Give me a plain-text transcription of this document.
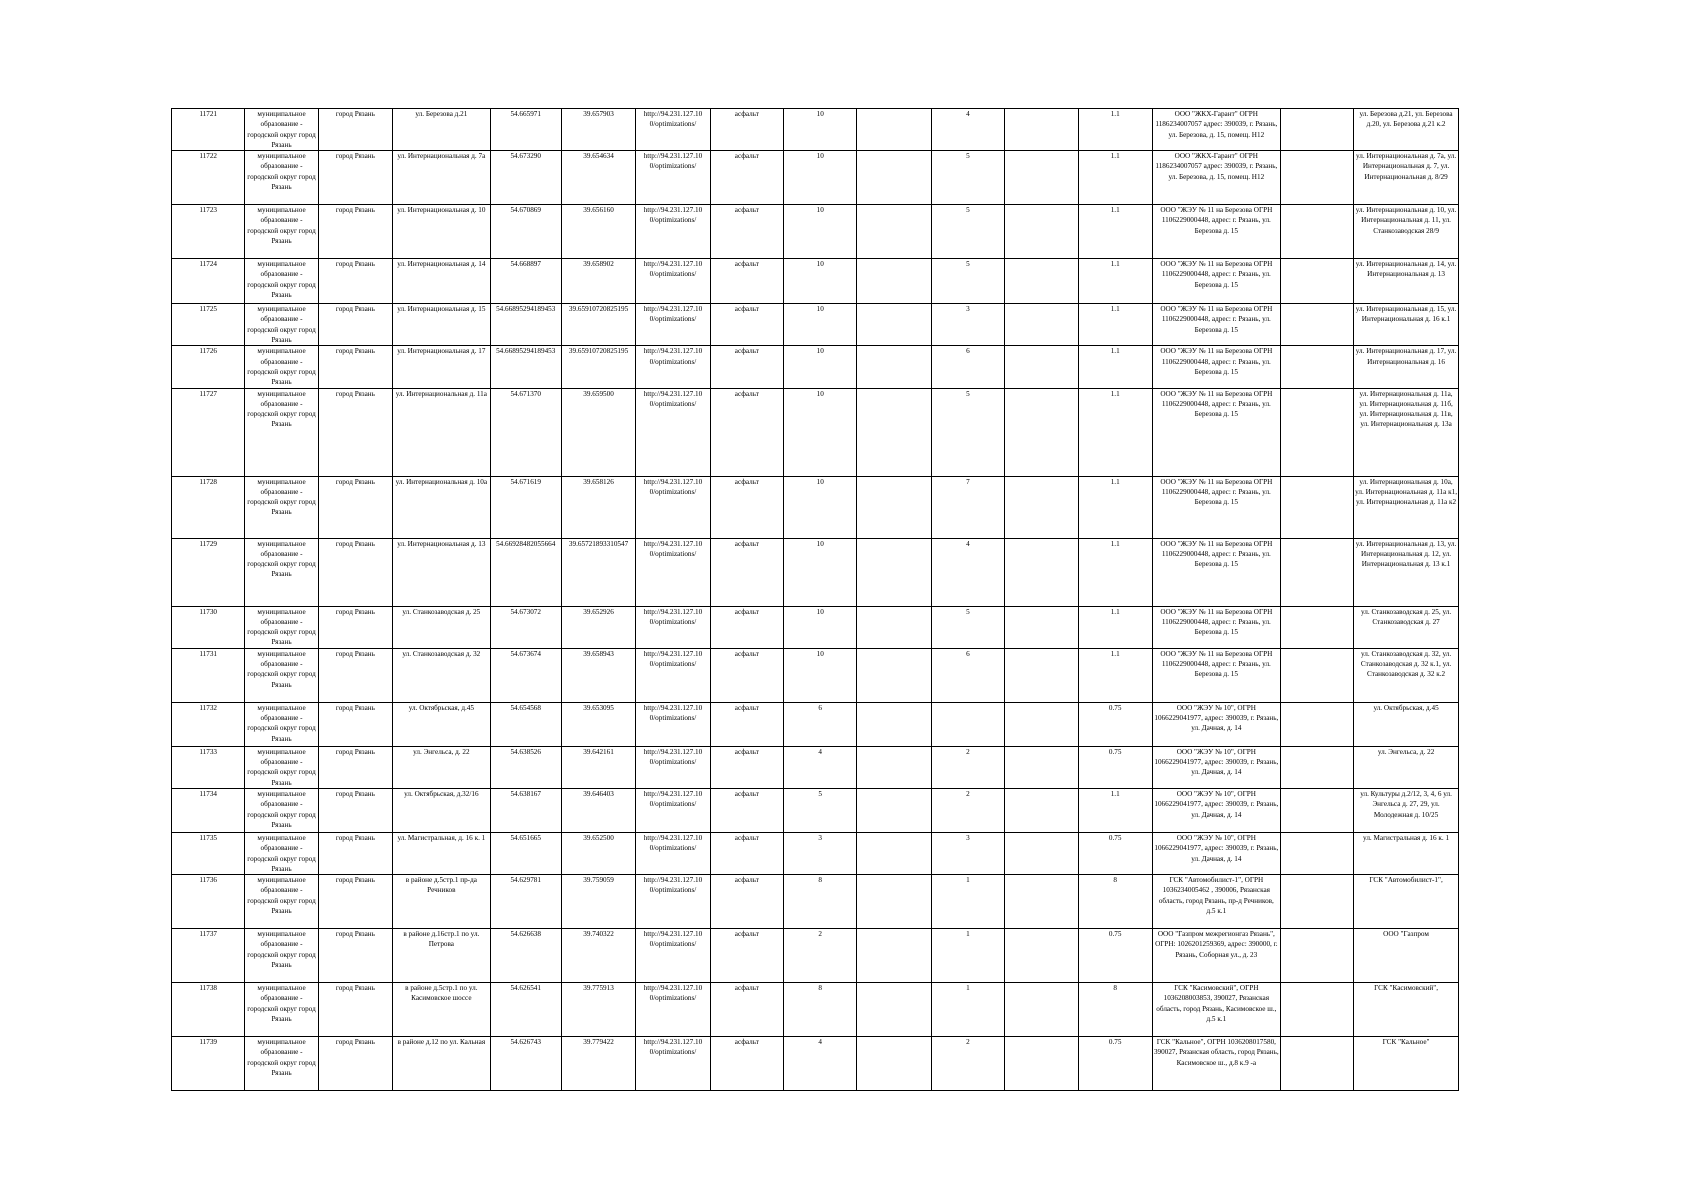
11721	муниципальное образование - городской округ город Рязань	город Рязань	ул. Березова д.21	54.665971	39.657903	http://94.231.127.10 0/optimizations/	асфальт	10		4		1.1	ООО "ЖКХ-Гарант" ОГРН 1186234007057 адрес: 390039, г. Рязань, ул. Березова, д. 15, помещ. Н12		ул. Березова д.21, ул. Березова д.20, ул. Березова д.21 к.2
11722	муниципальное образование - городской округ город Рязань	город Рязань	ул. Интернациональная д. 7а	54.673290	39.654634	http://94.231.127.10 0/optimizations/	асфальт	10		5		1.1	ООО "ЖКХ-Гарант" ОГРН 1186234007057 адрес: 390039, г. Рязань, ул. Березова, д. 15, помещ. Н12		ул. Интернациональная д. 7а, ул. Интернациональная д. 7, ул. Интернациональная д. 8/29
11723	муниципальное образование - городской округ город Рязань	город Рязань	ул. Интернациональная д. 10	54.670869	39.656160	http://94.231.127.10 0/optimizations/	асфальт	10		5		1.1	ООО "ЖЭУ № 11 на Березова ОГРН 1106229000448, адрес: г. Рязань, ул. Березова д. 15		ул. Интернациональная д. 10, ул. Интернациональная д. 11, ул. Станкозаводская 28/9
11724	муниципальное образование - городской округ город Рязань	город Рязань	ул. Интернациональная д. 14	54.668897	39.658902	http://94.231.127.10 0/optimizations/	асфальт	10		5		1.1	ООО "ЖЭУ № 11 на Березова ОГРН 1106229000448, адрес: г. Рязань, ул. Березова д. 15		ул. Интернациональная д. 14, ул. Интернациональная д. 13
11725	муниципальное образование - городской округ город Рязань	город Рязань	ул. Интернациональная д. 15	54.66895294189453	39.65910720825195	http://94.231.127.10 0/optimizations/	асфальт	10		3		1.1	ООО "ЖЭУ № 11 на Березова ОГРН 1106229000448, адрес: г. Рязань, ул. Березова д. 15		ул. Интернациональная д. 15, ул. Интернациональная д. 16 к.1
11726	муниципальное образование - городской округ город Рязань	город Рязань	ул. Интернациональная д. 17	54.66895294189453	39.65910720825195	http://94.231.127.10 0/optimizations/	асфальт	10		6		1.1	ООО "ЖЭУ № 11 на Березова ОГРН 1106229000448, адрес: г. Рязань, ул. Березова д. 15		ул. Интернациональная д. 17, ул. Интернациональная д. 16
11727	муниципальное образование - городской округ город Рязань	город Рязань	ул. Интернациональная д. 11а	54.671370	39.659500	http://94.231.127.10 0/optimizations/	асфальт	10		5		1.1	ООО "ЖЭУ № 11 на Березова ОГРН 1106229000448, адрес: г. Рязань, ул. Березова д. 15		ул. Интернациональная д. 11а, ул. Интернациональная д. 11б, ул. Интернациональная д. 11в, ул. Интернациональная д. 13а
11728	муниципальное образование - городской округ город Рязань	город Рязань	ул. Интернациональная д. 10а	54.671619	39.658126	http://94.231.127.10 0/optimizations/	асфальт	10		7		1.1	ООО "ЖЭУ № 11 на Березова ОГРН 1106229000448, адрес: г. Рязань, ул. Березова д. 15		ул. Интернациональная д. 10а, ул. Интернациональная д. 11а к1, ул. Интернациональная д. 11а к2
11729	муниципальное образование - городской округ город Рязань	город Рязань	ул. Интернациональная д. 13	54.66928482055664	39.65721893310547	http://94.231.127.10 0/optimizations/	асфальт	10		4		1.1	ООО "ЖЭУ № 11 на Березова ОГРН 1106229000448, адрес: г. Рязань, ул. Березова д. 15		ул. Интернациональная д. 13, ул. Интернациональная д. 12, ул. Интернациональная д. 13 к.1
11730	муниципальное образование - городской округ город Рязань	город Рязань	ул. Станкозаводская д. 25	54.673072	39.652926	http://94.231.127.10 0/optimizations/	асфальт	10		5		1.1	ООО "ЖЭУ № 11 на Березова ОГРН 1106229000448, адрес: г. Рязань, ул. Березова д. 15		ул. Станкозаводская д. 25, ул. Станкозаводская д. 27
11731	муниципальное образование - городской округ город Рязань	город Рязань	ул. Станкозаводская д. 32	54.673674	39.658943	http://94.231.127.10 0/optimizations/	асфальт	10		6		1.1	ООО "ЖЭУ № 11 на Березова ОГРН 1106229000448, адрес: г. Рязань, ул. Березова д. 15		ул. Станкозаводская д. 32, ул. Станкозаводская д. 32 к.1, ул. Станкозаводская д. 32 к.2
11732	муниципальное образование - городской округ город Рязань	город Рязань	ул. Октябрьская, д.45	54.654568	39.653095	http://94.231.127.10 0/optimizations/	асфальт	6				0.75	ООО "ЖЭУ № 10", ОГРН 1066229041977, адрес: 390039, г. Рязань, ул. Дачная, д. 14		ул. Октябрьская, д.45
11733	муниципальное образование - городской округ город Рязань	город Рязань	ул. Энгельса, д. 22	54.638526	39.642161	http://94.231.127.10 0/optimizations/	асфальт	4		2		0.75	ООО "ЖЭУ № 10", ОГРН 1066229041977, адрес: 390039, г. Рязань, ул. Дачная, д. 14		ул. Энгельса, д. 22
11734	муниципальное образование - городской округ город Рязань	город Рязань	ул. Октябрьская, д.32/16	54.638167	39.646403	http://94.231.127.10 0/optimizations/	асфальт	5		2		1.1	ООО "ЖЭУ № 10", ОГРН 1066229041977, адрес: 390039, г. Рязань, ул. Дачная, д. 14		ул. Культуры д.2/12, 3, 4, 6 ул. Энгельса д. 27, 29, ул. Молодежная д. 10/25
11735	муниципальное образование - городской округ город Рязань	город Рязань	ул. Магистральная, д. 16 к. 1	54.651665	39.652500	http://94.231.127.10 0/optimizations/	асфальт	3		3		0.75	ООО "ЖЭУ № 10", ОГРН 1066229041977, адрес: 390039, г. Рязань, ул. Дачная, д. 14		ул. Магистральная д. 16 к. 1
11736	муниципальное образование - городской округ город Рязань	город Рязань	в районе д.5стр.1 пр-да Речников	54.629781	39.759059	http://94.231.127.10 0/optimizations/	асфальт	8		1		8	ГСК "Автомобилист-1", ОГРН 1036234005462 , 390006, Рязанская область, город Рязань, пр-д Речников, д.5 к.1		ГСК "Автомобилист-1",
11737	муниципальное образование - городской округ город Рязань	город Рязань	в районе д.16стр.1 по ул. Петрова	54.626638	39.740322	http://94.231.127.10 0/optimizations/	асфальт	2		1		0.75	ООО "Газпром межрегионгаз Рязань", ОГРН: 1026201259369, адрес: 390000, г. Рязань, Соборная ул., д. 23		ООО "Газпром
11738	муниципальное образование - городской округ город Рязань	город Рязань	в районе д.5стр.1 по ул. Касимовское шоссе	54.626541	39.775913	http://94.231.127.10 0/optimizations/	асфальт	8		1		8	ГСК "Касимовский", ОГРН 1036208003853, 390027, Рязанская область, город Рязань, Касимовское ш., д.5 к.1		ГСК "Касимовский",
11739	муниципальное образование - городской округ город Рязань	город Рязань	в районе д.12 по ул. Кальная	54.626743	39.779422	http://94.231.127.10 0/optimizations/	асфальт	4		2		0.75	ГСК "Кальное", ОГРН 1036208017580, 390027, Рязанская область, город Рязань, Касимовское ш., д.8 к.9 -а		ГСК "Кальное"
